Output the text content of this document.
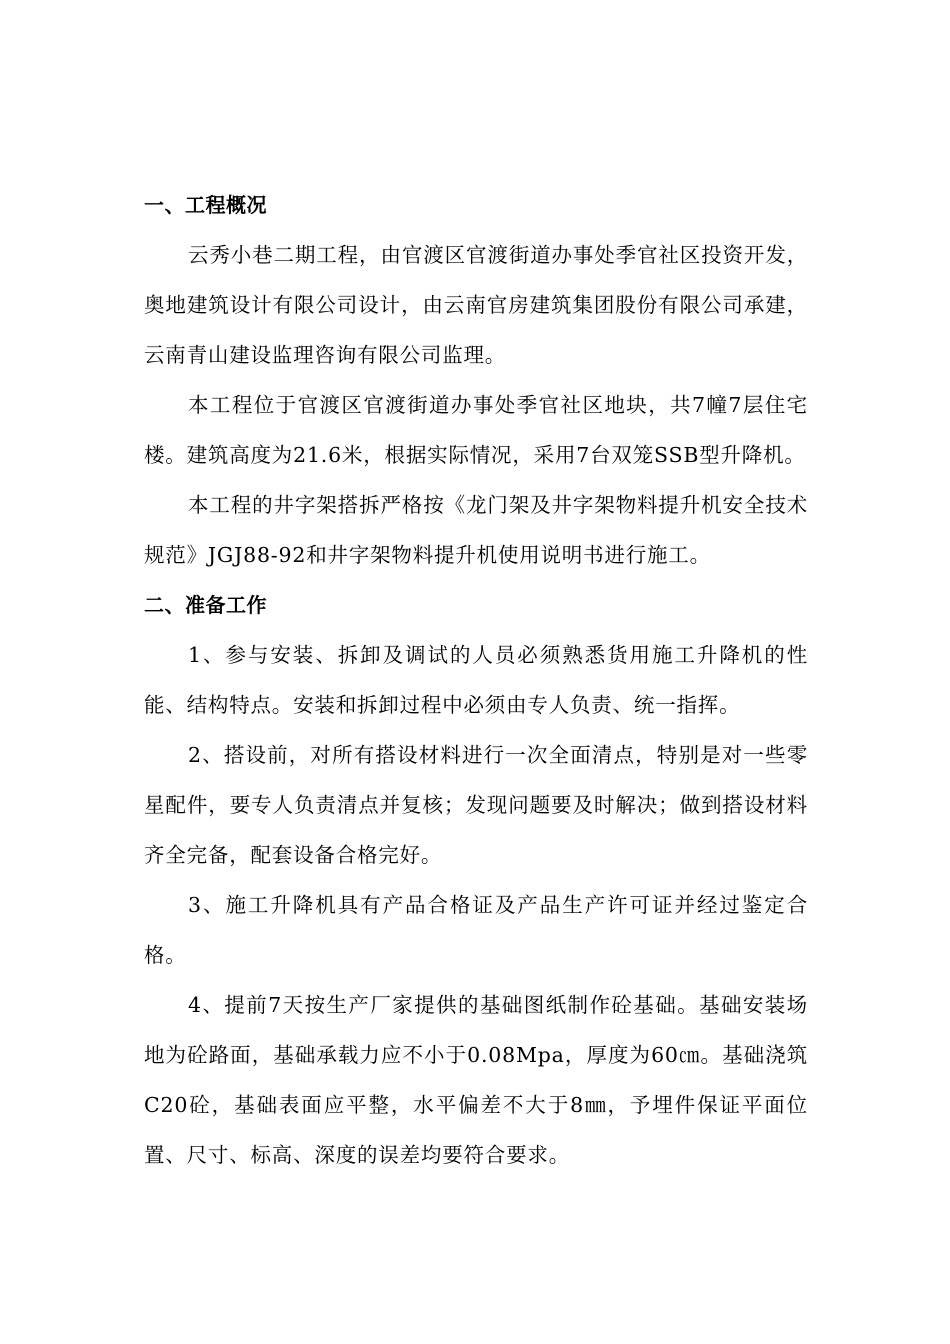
一、工程概况

云秀小巷二期工程，由官渡区官渡街道办事处季官社区投资开发，奥地建筑设计有限公司设计，由云南官房建筑集团股份有限公司承建，云南青山建设监理咨询有限公司监理。

本工程位于官渡区官渡街道办事处季官社区地块，共7幢7层住宅楼。建筑高度为21.6米，根据实际情况，采用7台双笼SSB型升降机。

本工程的井字架搭拆严格按《龙门架及井字架物料提升机安全技术规范》JGJ88-92和井字架物料提升机使用说明书进行施工。

二、准备工作

1、参与安装、拆卸及调试的人员必须熟悉货用施工升降机的性能、结构特点。安装和拆卸过程中必须由专人负责、统一指挥。

2、搭设前，对所有搭设材料进行一次全面清点，特别是对一些零星配件，要专人负责清点并复核；发现问题要及时解决；做到搭设材料齐全完备，配套设备合格完好。

3、施工升降机具有产品合格证及产品生产许可证并经过鉴定合格。

4、提前7天按生产厂家提供的基础图纸制作砼基础。基础安装场地为砼路面，基础承载力应不小于0.08Mpa，厚度为60㎝。基础浇筑C20砼，基础表面应平整，水平偏差不大于8㎜，予埋件保证平面位置、尺寸、标高、深度的误差均要符合要求。
